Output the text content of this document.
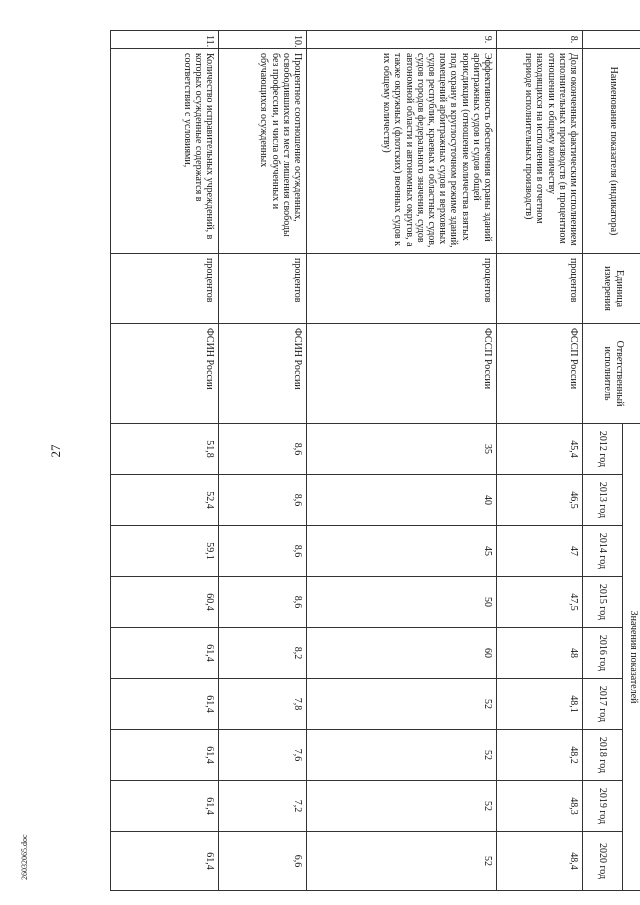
27
26032065.doc
	Наименование показателя (индикатора)	Единица измерения	Ответственный исполнитель	Значения показателей								
				2012 год	2013 год	2014 год	2015 год	2016 год	2017 год	2018 год	2019 год	2020 год
8.	Доля оконченных фактическим исполнением исполнительных производств (в процентном отношении к общему количеству находящихся на исполнении в отчетном периоде исполнительных производств)	процентов	ФССП России	45,4	46,5	47	47,5	48	48,1	48,2	48,3	48,4
9.	Эффективность обеспечения охраны зданий арбитражных судов и судов общей юрисдикции (отношение количества взятых под охрану в круглосуточном режиме зданий, помещений арбитражных судов и верховных судов республик, краевых и областных судов, судов городов федерального значения, судов автономной области и автономных округов, а также окружных (флотских) военных судов к их общему количеству)	процентов	ФССП России	35	40	45	50	60	52	52	52	52
10.	Процентное соотношение осужденных, освободившихся из мест лишения свободы без профессии, и числа обученных и обучающихся осужденных	процентов	ФСИН России	8,6	8,6	8,6	8,6	8,2	7,8	7,6	7,2	6,6
11.	Количество исправительных учреждений, в которых осужденные содержатся в соответствии с условиями,	процентов	ФСИН России	51,8	52,4	59,1	60,4	61,4	61,4	61,4	61,4	61,4
